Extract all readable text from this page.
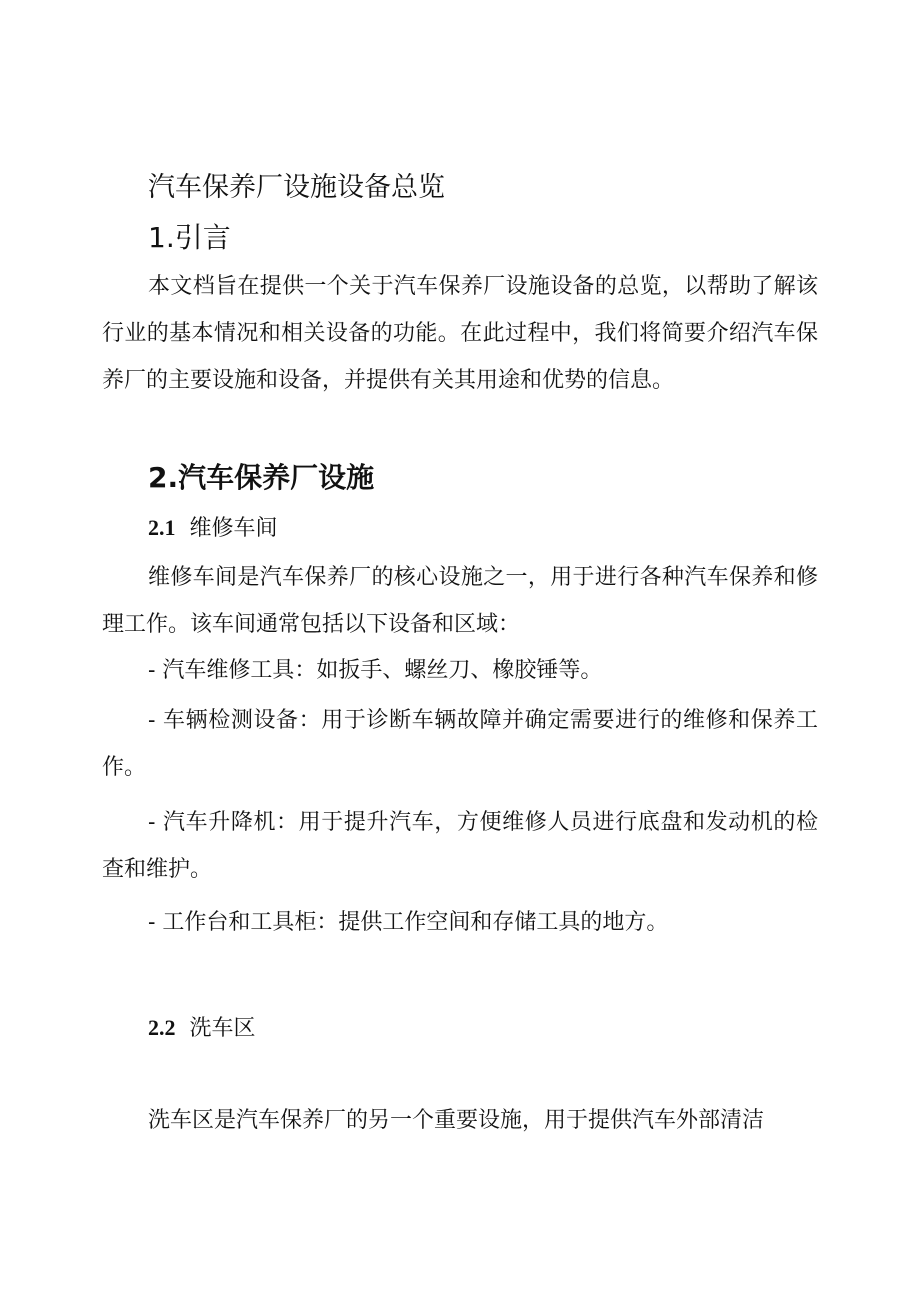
汽车保养厂设施设备总览
1.引言

本文档旨在提供一个关于汽车保养厂设施设备的总览，以帮助了解该行业的基本情况和相关设备的功能。在此过程中，我们将简要介绍汽车保养厂的主要设施和设备，并提供有关其用途和优势的信息。

2.汽车保养厂设施
2.1 维修车间

维修车间是汽车保养厂的核心设施之一，用于进行各种汽车保养和修理工作。该车间通常包括以下设备和区域：

- 汽车维修工具：如扳手、螺丝刀、橡胶锤等。

- 车辆检测设备：用于诊断车辆故障并确定需要进行的维修和保养工作。

- 汽车升降机：用于提升汽车，方便维修人员进行底盘和发动机的检查和维护。

- 工作台和工具柜：提供工作空间和存储工具的地方。

2.2 洗车区

洗车区是汽车保养厂的另一个重要设施，用于提供汽车外部清洁
